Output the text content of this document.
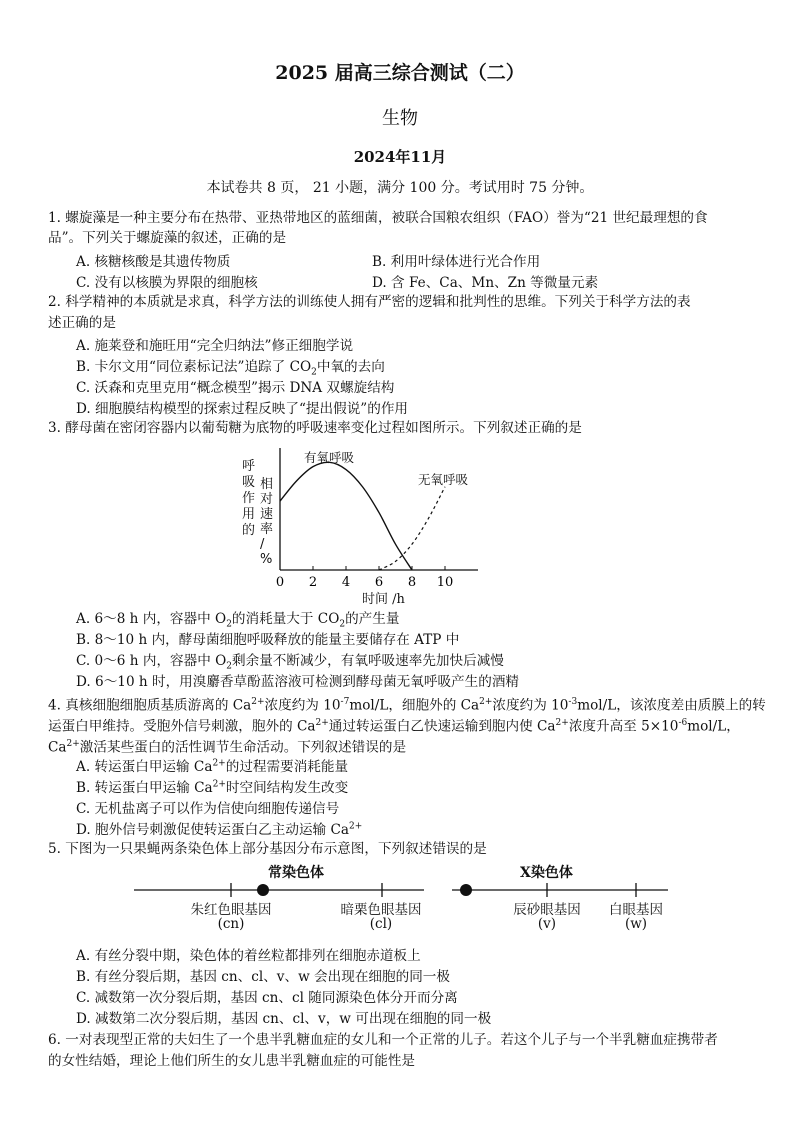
2025 届高三综合测试（二）
生物
2024年11月
本试卷共 8 页， 21 小题，满分 100 分。考试用时 75 分钟。
1. 螺旋藻是一种主要分布在热带、亚热带地区的蓝细菌，被联合国粮农组织（FAO）誉为“21 世纪最理想的食
品”。下列关于螺旋藻的叙述，正确的是
A. 核糖核酸是其遗传物质	B. 利用叶绿体进行光合作用
C. 没有以核膜为界限的细胞核	D. 含 Fe、Ca、Mn、Zn 等微量元素
2. 科学精神的本质就是求真，科学方法的训练使人拥有严密的逻辑和批判性的思维。下列关于科学方法的表
述正确的是
A. 施莱登和施旺用“完全归纳法”修正细胞学说
B. 卡尔文用“同位素标记法”追踪了 $CO_2$中氧的去向
C. 沃森和克里克用“概念模型”揭示 DNA 双螺旋结构
D. 细胞膜结构模型的探索过程反映了“提出假说”的作用
3. 酵母菌在密闭容器内以葡萄糖为底物的呼吸速率变化过程如图所示。下列叙述正确的是
呼吸作用的相对速率/ %
0 2 4 6 8 10
有氧呼吸
无氧呼吸
时间 /h
A. 6～8 h 内，容器中 $O_2$的消耗量大于 $CO_2$的产生量
B. 8～10 h 内，酵母菌细胞呼吸释放的能量主要储存在 ATP 中
C. 0～6 h 内，容器中 $O_2$剩余量不断减少，有氧呼吸速率先加快后减慢
D. 6～10 h 时，用溴麝香草酚蓝溶液可检测到酵母菌无氧呼吸产生的酒精
4. 真核细胞细胞质基质游离的 $Ca^{2+}$浓度约为 $10^{-7}mol/L$，细胞外的 $Ca^{2+}$浓度约为 $10^{-3}mol/L$，该浓度差由质膜上的转
运蛋白甲维持。受胞外信号刺激，胞外的 $Ca^{2+}$通过转运蛋白乙快速运输到胞内使 $Ca^{2+}$浓度升高至 $5\times 10^{-6}mol/L$，
$Ca^{2+}$激活某些蛋白的活性调节生命活动。下列叙述错误的是
A. 转运蛋白甲运输 $Ca^{2+}$的过程需要消耗能量
B. 转运蛋白甲运输 $Ca^{2+}$时空间结构发生改变
C. 无机盐离子可以作为信使向细胞传递信号
D. 胞外信号刺激促使转运蛋白乙主动运输 $Ca^{2+}$
5. 下图为一只果蝇两条染色体上部分基因分布示意图，下列叙述错误的是
常染色体	X染色体
朱红色眼基因
(cn)
暗栗色眼基因
(cl)
辰砂眼基因
(v)
白眼基因
(w)
A. 有丝分裂中期，染色体的着丝粒都排列在细胞赤道板上
B. 有丝分裂后期，基因 cn、cl、v、w 会出现在细胞的同一极
C. 减数第一次分裂后期，基因 cn、cl 随同源染色体分开而分离
D. 减数第二次分裂后期，基因 cn、cl、v，w 可出现在细胞的同一极
6. 一对表现型正常的夫妇生了一个患半乳糖血症的女儿和一个正常的儿子。若这个儿子与一个半乳糖血症携带者
的女性结婚，理论上他们所生的女儿患半乳糖血症的可能性是
